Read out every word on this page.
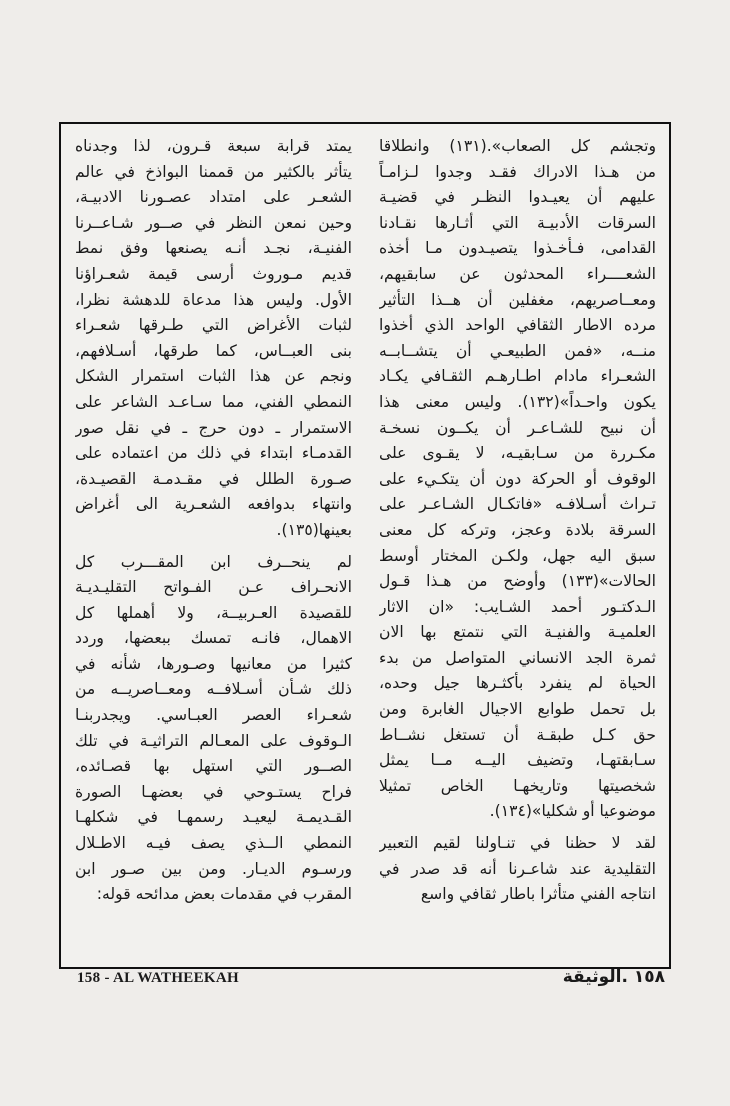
وتجشم كل الصعاب».(١٣١) وانطلاقا
من هـذا الادراك فقـد وجدوا لـزامـاً
عليهم أن يعيـدوا النظـر في قضيـة
السرقات الأدبيـة التي أثـارها نقـادنا
القدامى، فـأخـذوا يتصيـدون مـا أخذه
الشعــــراء المحدثون عن سابقيهم،
ومعــاصريهم، مغفلين أن هــذا التأثير
مرده الاطار الثقافي الواحد الذي أخذوا
منــه، «فمن الطبيعـي أن يتشــابــه
الشعـراء مادام اطـارهـم الثقـافي يكـاد
يكون واحـداً»(١٣٢). وليس معنى هذا
أن نبيح للشـاعـر أن يكــون نسخـة
مكـررة من سـابقيـه، لا يقـوى على
الوقوف أو الحركة دون أن يتكـيء على
تـراث أسـلافـه «فاتكـال الشـاعـر على
السرقة بلادة وعجز، وتركه كل معنى
سبق اليه جهل، ولكـن المختار أوسط
الحالات»(١٣٣) وأوضح من هـذا قـول
الـدكتـور أحمد الشـايب: «ان الاثار
العلميـة والفنيـة التي نتمتع بها الان
ثمرة الجد الانساني المتواصل من بدء
الحياة لم ينفرد بأكثـرها جيل وحده،
بل تحمل طوابع الاجيال الغابرة ومن
حق كـل طبقـة أن تستغل نشــاط
سـابقتهـا، وتضيف اليــه مــا يمثل
شخصيتها وتاريخهـا الخاص تمثيلا
موضوعيا أو شكليا»(١٣٤).
لقد لا حظنا في تنـاولنا لقيم التعبير
التقليدية عند شاعـرنا أنه قد صدر في
انتاجه الفني متأثرا باطار ثقافي واسع
يمتد قرابة سبعة قـرون، لذا وجدناه
يتأثر بالكثير من قممنا البواذخ في عالم
الشعـر على امتداد عصـورنا الادبيـة،
وحين نمعن النظر في صــور شـاعــرنا
الفنيـة، نجـد أنـه يصنعها وفق نمط
قديم مـوروث أرسى قيمة شعـراؤنا
الأول. وليس هذا مدعاة للدهشة نظرا،
لثبات الأغراض التي طـرقها شعـراء
بنى العبــاس، كما طرقها، أسـلافهم،
ونجم عن هذا الثبات استمرار الشكل
النمطي الفني، مما سـاعـد الشاعر على
الاستمرار ـ دون حرج ـ في نقل صور
القدمـاء ابتداء في ذلك من اعتماده على
صـورة الطلل في مقـدمـة القصيـدة،
وانتهاء بدوافعه الشعـرية الى أغراض
بعينها(١٣٥).
لم ينحــرف ابن المقـــرب كل
الانحـراف عـن الفـواتح التقليـديـة
للقصيدة العـربيــة، ولا أهملها كل
الاهمال، فانـه تمسك ببعضها، وردد
كثيرا من معانيها وصـورها، شأنه في
ذلك شـأن أسـلافــه ومعــاصريــه من
شعـراء العصر العبـاسي. ويجدربنـا
الـوقوف على المعـالم التراثيـة في تلك
الصــور التي استهل بها قصـائده،
فراح يستـوحي في بعضهـا الصورة
القـديمـة ليعيـد رسمهـا في شكلهـا
النمطي الــذي يصف فيـه الاطـلال
ورسـوم الديـار. ومن بين صـور ابن
المقرب في مقدمات بعض مدائحه قوله:
158 - AL WATHEEKAH	١٥٨ .الوثيقة
